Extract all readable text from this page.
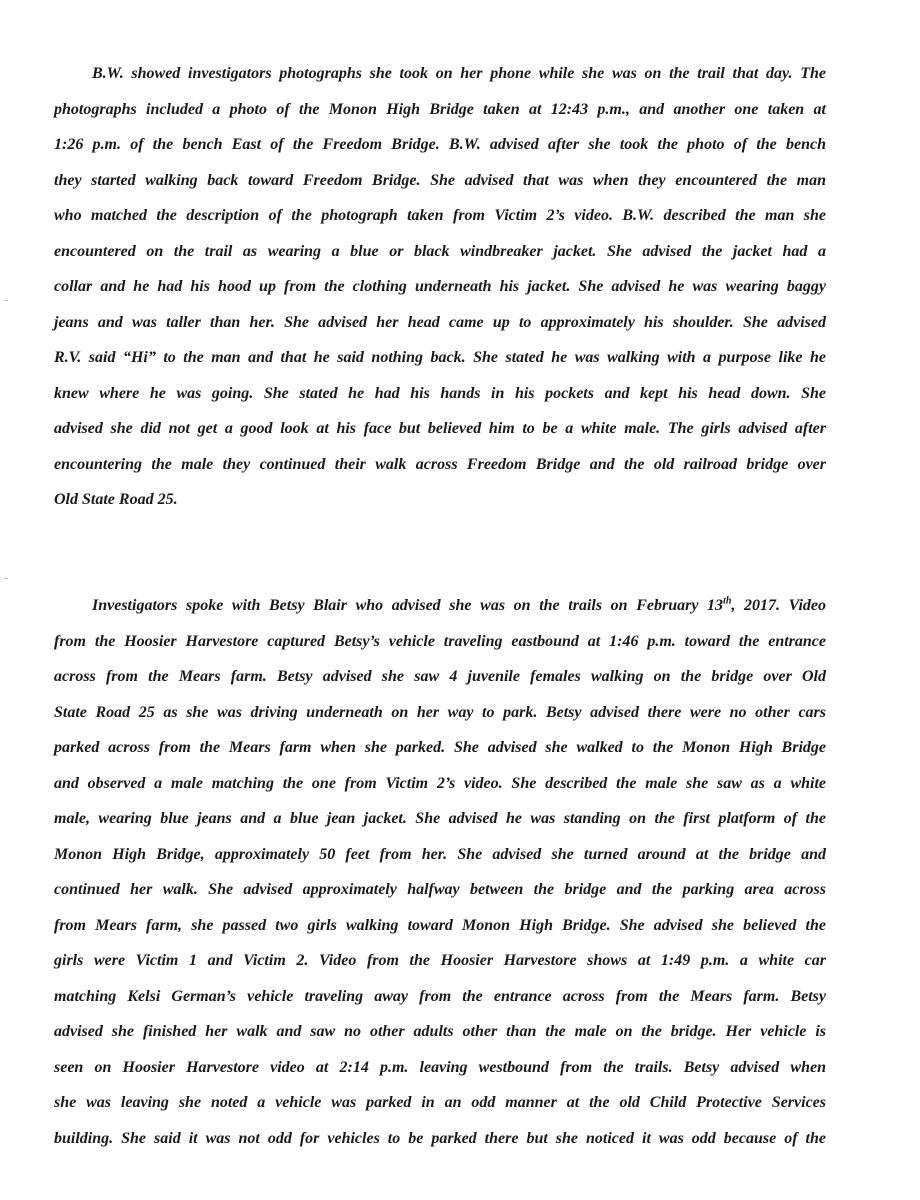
B.W. showed investigators photographs she took on her phone while she was on the trail that day. The
photographs included a photo of the Monon High Bridge taken at 12:43 p.m., and another one taken at
1:26 p.m. of the bench East of the Freedom Bridge. B.W. advised after she took the photo of the bench
they started walking back toward Freedom Bridge. She advised that was when they encountered the man
who matched the description of the photograph taken from Victim 2’s video. B.W. described the man she
encountered on the trail as wearing a blue or black windbreaker jacket. She advised the jacket had a
collar and he had his hood up from the clothing underneath his jacket. She advised he was wearing baggy
jeans and was taller than her. She advised her head came up to approximately his shoulder. She advised
R.V. said “Hi” to the man and that he said nothing back. She stated he was walking with a purpose like he
knew where he was going. She stated he had his hands in his pockets and kept his head down. She
advised she did not get a good look at his face but believed him to be a white male. The girls advised after
encountering the male they continued their walk across Freedom Bridge and the old railroad bridge over
Old State Road 25.
Investigators spoke with Betsy Blair who advised she was on the trails on February 13th, 2017. Video
from the Hoosier Harvestore captured Betsy’s vehicle traveling eastbound at 1:46 p.m. toward the entrance
across from the Mears farm. Betsy advised she saw 4 juvenile females walking on the bridge over Old
State Road 25 as she was driving underneath on her way to park. Betsy advised there were no other cars
parked across from the Mears farm when she parked. She advised she walked to the Monon High Bridge
and observed a male matching the one from Victim 2’s video. She described the male she saw as a white
male, wearing blue jeans and a blue jean jacket. She advised he was standing on the first platform of the
Monon High Bridge, approximately 50 feet from her. She advised she turned around at the bridge and
continued her walk. She advised approximately halfway between the bridge and the parking area across
from Mears farm, she passed two girls walking toward Monon High Bridge. She advised she believed the
girls were Victim 1 and Victim 2. Video from the Hoosier Harvestore shows at 1:49 p.m. a white car
matching Kelsi German’s vehicle traveling away from the entrance across from the Mears farm. Betsy
advised she finished her walk and saw no other adults other than the male on the bridge. Her vehicle is
seen on Hoosier Harvestore video at 2:14 p.m. leaving westbound from the trails. Betsy advised when
she was leaving she noted a vehicle was parked in an odd manner at the old Child Protective Services
building. She said it was not odd for vehicles to be parked there but she noticed it was odd because of the
